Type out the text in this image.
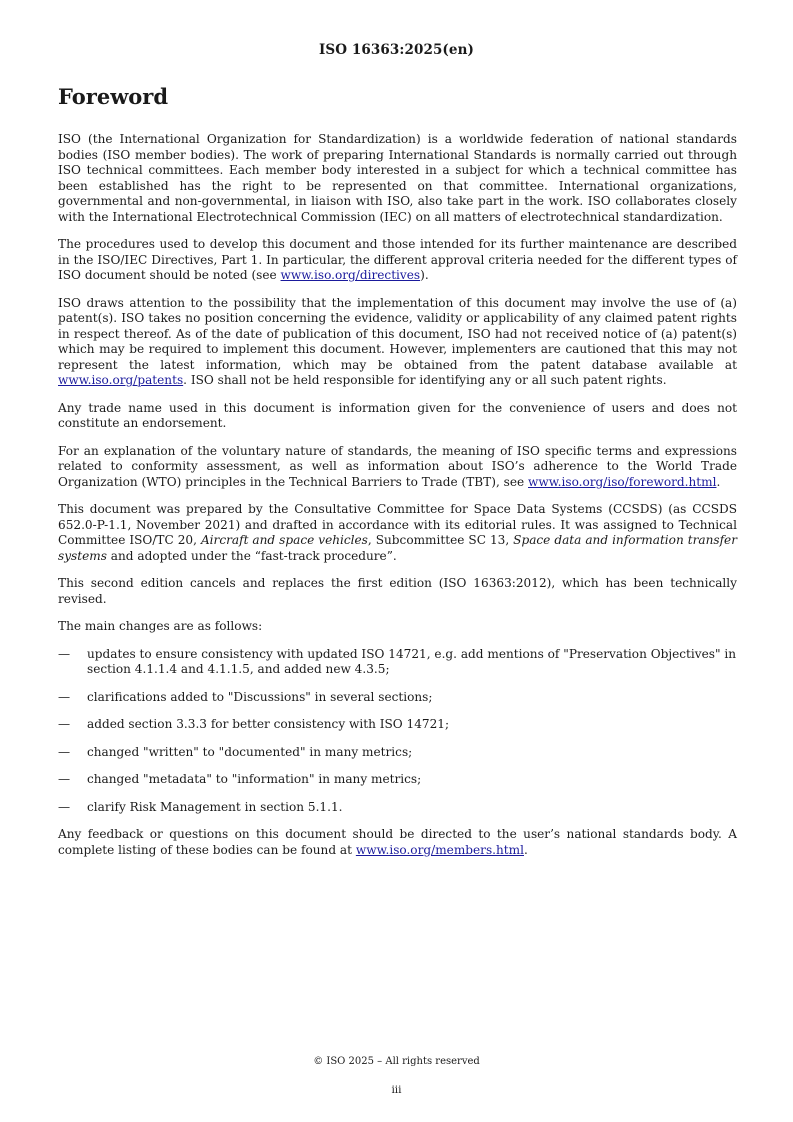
ISO 16363:2025(en)
Foreword

ISO (the International Organization for Standardization) is a worldwide federation of national standards bodies (ISO member bodies). The work of preparing International Standards is normally carried out through ISO technical committees. Each member body interested in a subject for which a technical committee has been established has the right to be represented on that committee. International organizations, governmental and non-governmental, in liaison with ISO, also take part in the work. ISO collaborates closely with the International Electrotechnical Commission (IEC) on all matters of electrotechnical standardization.

The procedures used to develop this document and those intended for its further maintenance are described in the ISO/IEC Directives, Part 1. In particular, the different approval criteria needed for the different types of ISO document should be noted (see www.iso.org/directives).

ISO draws attention to the possibility that the implementation of this document may involve the use of (a) patent(s). ISO takes no position concerning the evidence, validity or applicability of any claimed patent rights in respect thereof. As of the date of publication of this document, ISO had not received notice of (a) patent(s) which may be required to implement this document. However, implementers are cautioned that this may not represent the latest information, which may be obtained from the patent database available at www.iso.org/patents. ISO shall not be held responsible for identifying any or all such patent rights.

Any trade name used in this document is information given for the convenience of users and does not constitute an endorsement.

For an explanation of the voluntary nature of standards, the meaning of ISO specific terms and expressions related to conformity assessment, as well as information about ISO’s adherence to the World Trade Organization (WTO) principles in the Technical Barriers to Trade (TBT), see www.iso.org/iso/foreword.html.

This document was prepared by the Consultative Committee for Space Data Systems (CCSDS) (as CCSDS 652.0-P-1.1, November 2021) and drafted in accordance with its editorial rules. It was assigned to Technical Committee ISO/TC 20, Aircraft and space vehicles, Subcommittee SC 13, Space data and information transfer systems and adopted under the “fast-track procedure”.

This second edition cancels and replaces the first edition (ISO 16363:2012), which has been technically revised.

The main changes are as follows:

— updates to ensure consistency with updated ISO 14721, e.g. add mentions of "Preservation Objectives" in section 4.1.1.4 and 4.1.1.5, and added new 4.3.5;
— clarifications added to "Discussions" in several sections;
— added section 3.3.3 for better consistency with ISO 14721;
— changed "written" to "documented" in many metrics;
— changed "metadata" to "information" in many metrics;
— clarify Risk Management in section 5.1.1.

Any feedback or questions on this document should be directed to the user’s national standards body. A complete listing of these bodies can be found at www.iso.org/members.html.

© ISO 2025 – All rights reserved
iii
